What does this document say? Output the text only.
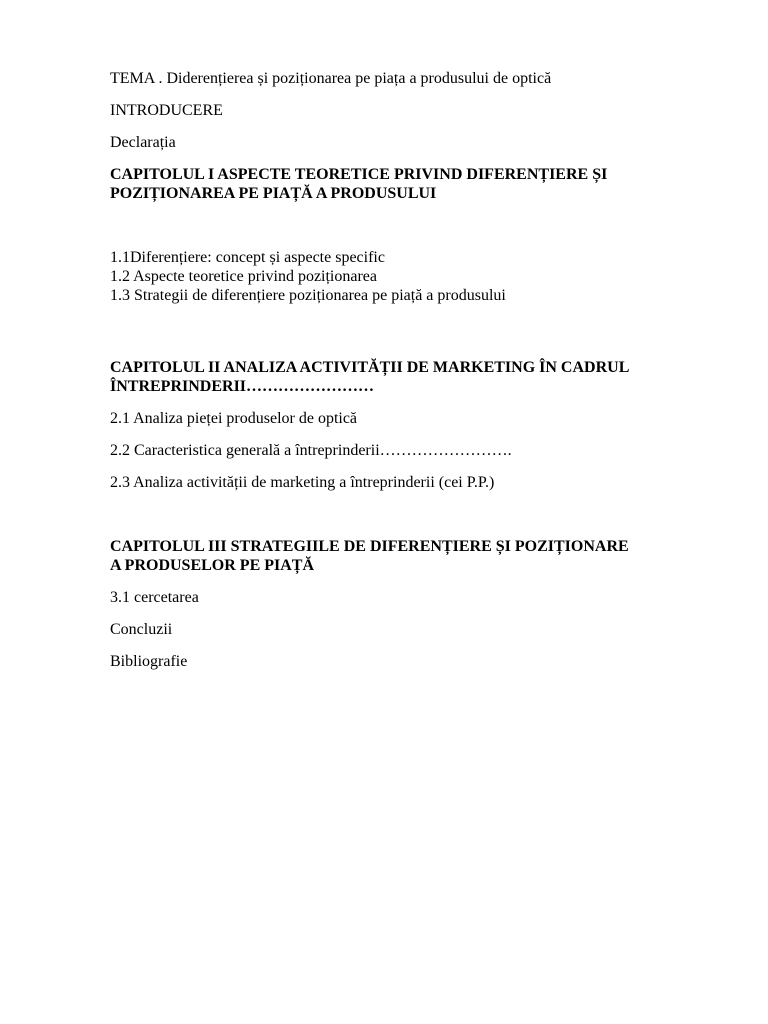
TEMA . Diderențierea și poziționarea pe piața a produsului de optică
INTRODUCERE
Declarația
CAPITOLUL I ASPECTE TEORETICE PRIVIND DIFERENȚIERE ȘI
POZIȚIONAREA PE PIAȚĂ A PRODUSULUI
1.1Diferențiere: concept și aspecte specific
1.2 Aspecte teoretice privind poziționarea
1.3 Strategii de diferențiere poziționarea pe piață a produsului
CAPITOLUL II ANALIZA ACTIVITĂȚII DE MARKETING ÎN CADRUL
ÎNTREPRINDERII……………………
2.1 Analiza pieței produselor de optică
2.2 Caracteristica generală a întreprinderii…………………….
2.3 Analiza activității de marketing a întreprinderii (cei P.P.)
CAPITOLUL III STRATEGIILE DE DIFERENȚIERE ȘI POZIȚIONARE
A PRODUSELOR PE PIAȚĂ
3.1 cercetarea
Concluzii
Bibliografie
